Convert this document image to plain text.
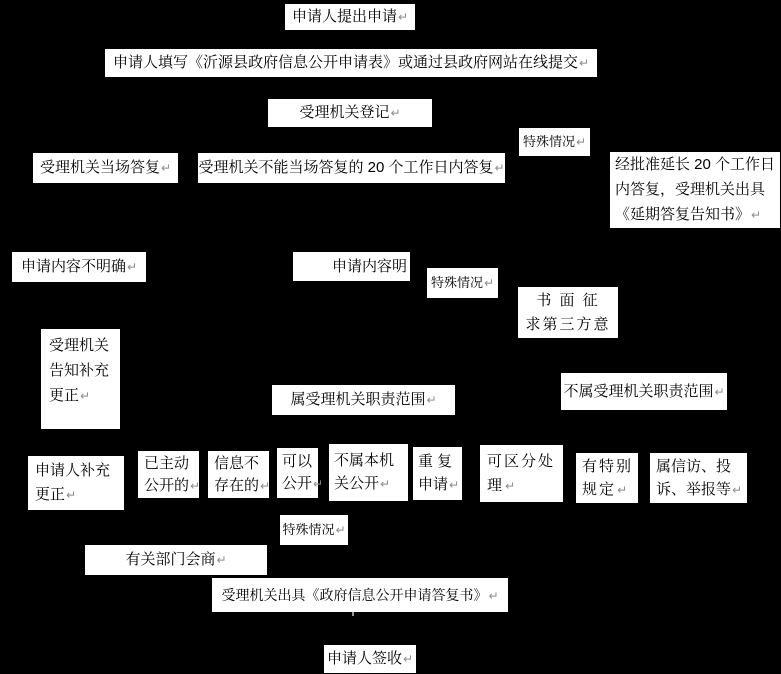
申请人提出申请↵
申请人填写《沂源县政府信息公开申请表》或通过县政府网站在线提交↵
受理机关登记↵
特殊情况↵
受理机关当场答复↵	受理机关不能当场答复的 20 个工作日内答复↵	经批准延长 20 个工作日
内答复，受理机关出具
《延期答复告知书》↵
申请内容不明确↵	申请内容明
特殊情况↵
书 面 征
求第三方意
受理机关
告知补充
更正↵	属受理机关职责范围↵
不属受理机关职责范围↵
申请人补充
更正↵
已主动
公开的↵
信息不
存在的↵
可以
公开↵
不属本机
关公开↵
重 复
申请↵
可区分处
理↵
有特别
规定↵
属信访、投
诉、举报等↵
特殊情况↵
有关部门会商↵
受理机关出具《政府信息公开申请答复书》↵
申请人签收↵
